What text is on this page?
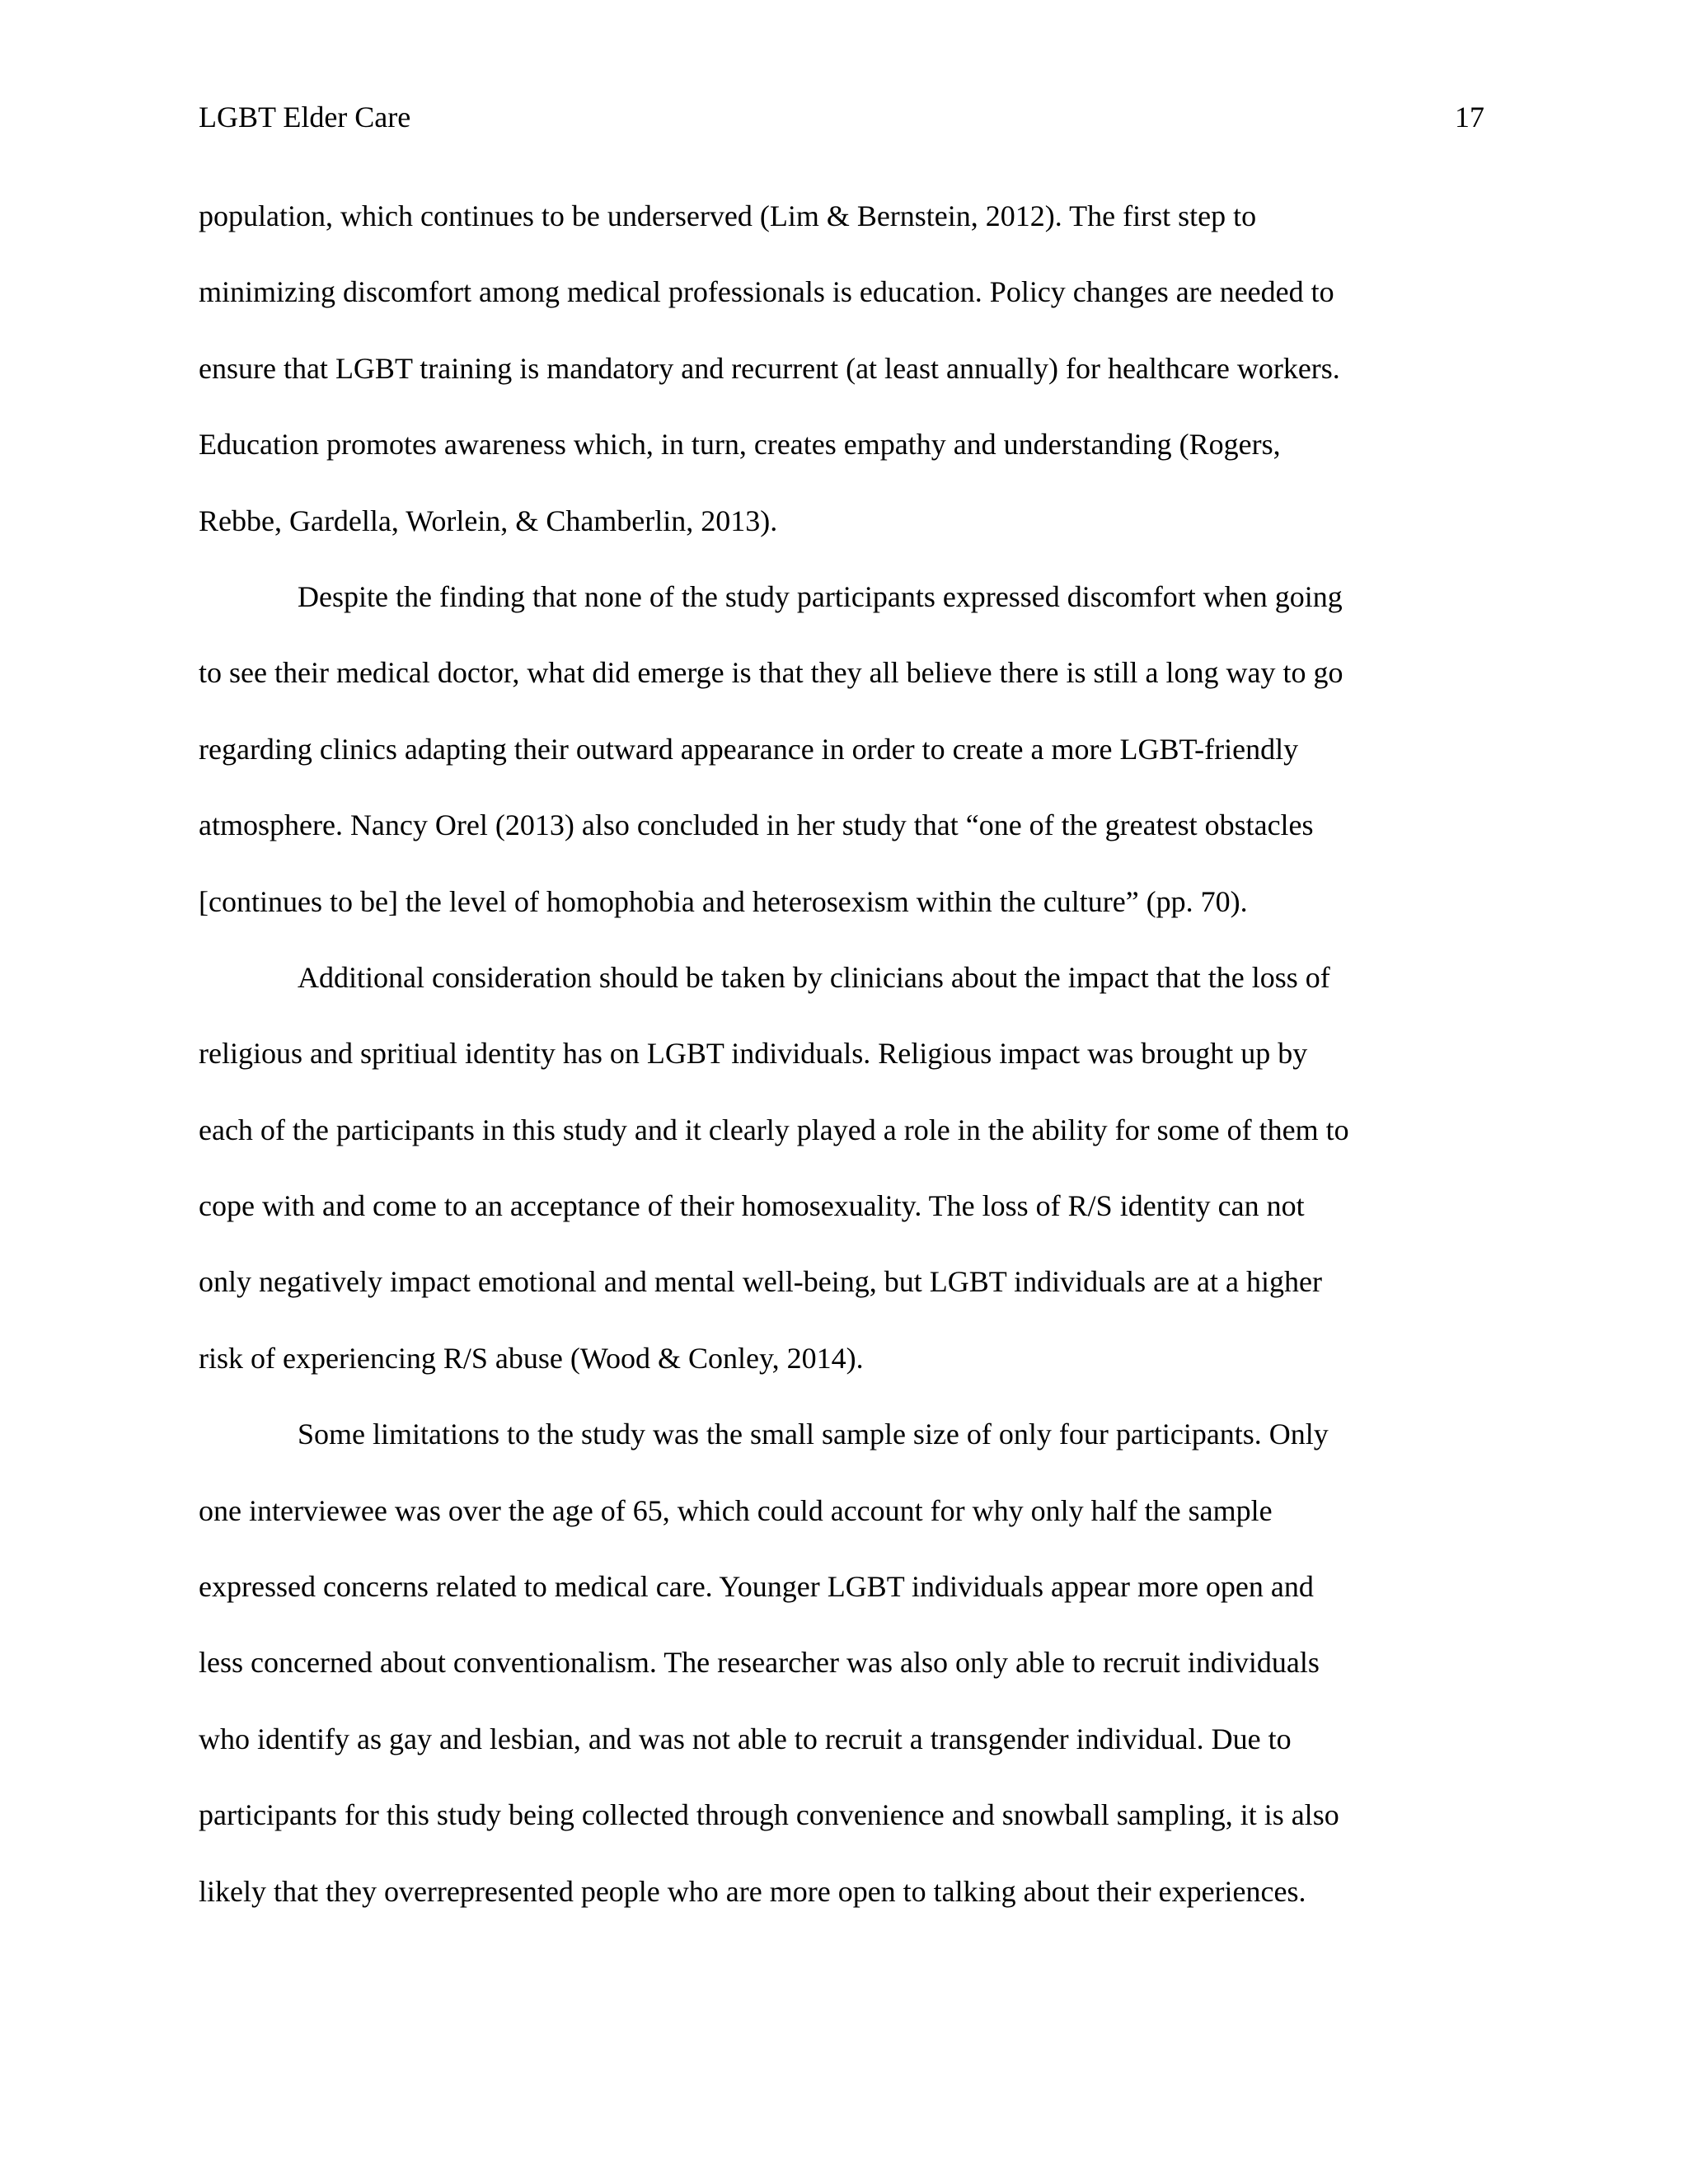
LGBT Elder Care	17
population, which continues to be underserved (Lim & Bernstein, 2012). The first step to
minimizing discomfort among medical professionals is education. Policy changes are needed to
ensure that LGBT training is mandatory and recurrent (at least annually) for healthcare workers.
Education promotes awareness which, in turn, creates empathy and understanding (Rogers,
Rebbe, Gardella, Worlein, & Chamberlin, 2013).
Despite the finding that none of the study participants expressed discomfort when going
to see their medical doctor, what did emerge is that they all believe there is still a long way to go
regarding clinics adapting their outward appearance in order to create a more LGBT-friendly
atmosphere. Nancy Orel (2013) also concluded in her study that “one of the greatest obstacles
[continues to be] the level of homophobia and heterosexism within the culture” (pp. 70).
Additional consideration should be taken by clinicians about the impact that the loss of
religious and spritiual identity has on LGBT individuals. Religious impact was brought up by
each of the participants in this study and it clearly played a role in the ability for some of them to
cope with and come to an acceptance of their homosexuality. The loss of R/S identity can not
only negatively impact emotional and mental well-being, but LGBT individuals are at a higher
risk of experiencing R/S abuse (Wood & Conley, 2014).
Some limitations to the study was the small sample size of only four participants. Only
one interviewee was over the age of 65, which could account for why only half the sample
expressed concerns related to medical care. Younger LGBT individuals appear more open and
less concerned about conventionalism. The researcher was also only able to recruit individuals
who identify as gay and lesbian, and was not able to recruit a transgender individual. Due to
participants for this study being collected through convenience and snowball sampling, it is also
likely that they overrepresented people who are more open to talking about their experiences.
